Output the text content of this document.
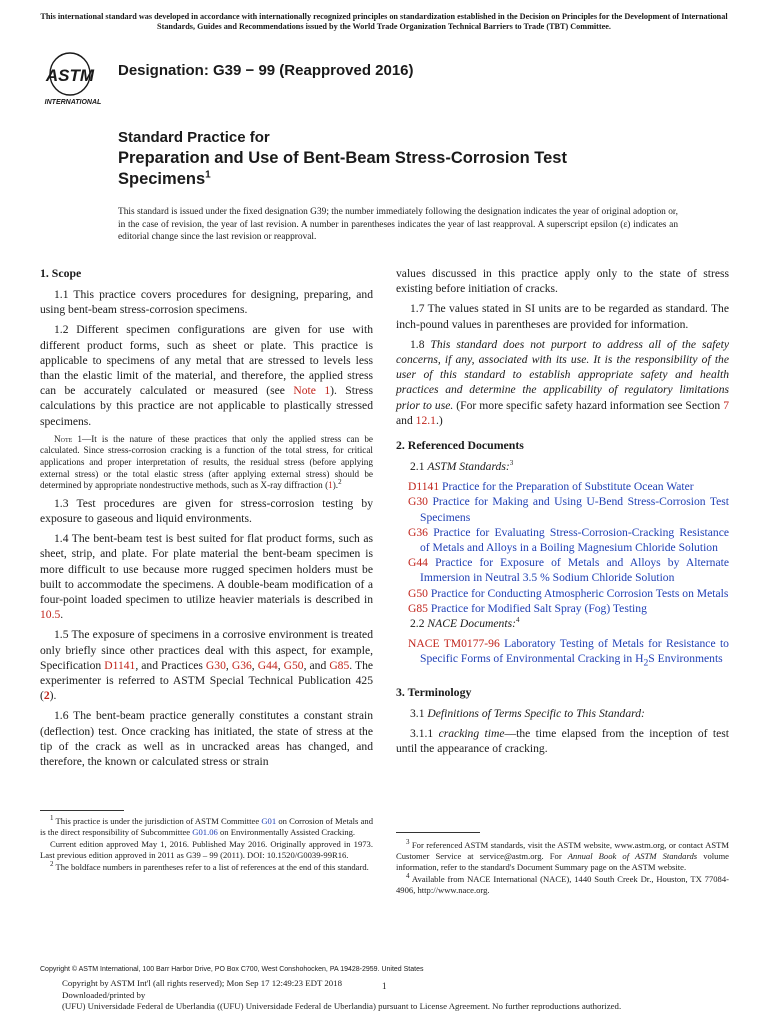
This international standard was developed in accordance with internationally recognized principles on standardization established in the Decision on Principles for the Development of International Standards, Guides and Recommendations issued by the World Trade Organization Technical Barriers to Trade (TBT) Committee.
ASTM
INTERNATIONAL
Designation: G39 − 99 (Reapproved 2016)
Standard Practice for
Preparation and Use of Bent-Beam Stress-Corrosion Test
Specimens$^1$
This standard is issued under the fixed designation G39; the number immediately following the designation indicates the year of original adoption or, in the case of revision, the year of last revision. A number in parentheses indicates the year of last reapproval. A superscript epsilon (ε) indicates an editorial change since the last revision or reapproval.
1. Scope

1.1 This practice covers procedures for designing, preparing, and using bent-beam stress-corrosion specimens.

1.2 Different specimen configurations are given for use with different product forms, such as sheet or plate. This practice is applicable to specimens of any metal that are stressed to levels less than the elastic limit of the material, and therefore, the applied stress can be accurately calculated or measured (see Note 1). Stress calculations by this practice are not applicable to plastically stressed specimens.

Note 1—It is the nature of these practices that only the applied stress can be calculated. Since stress-corrosion cracking is a function of the total stress, for critical applications and proper interpretation of results, the residual stress (before applying external stress) or the total elastic stress (after applying external stress) should be determined by appropriate nondestructive methods, such as X-ray diffraction (1).$^2$

1.3 Test procedures are given for stress-corrosion testing by exposure to gaseous and liquid environments.

1.4 The bent-beam test is best suited for flat product forms, such as sheet, strip, and plate. For plate material the bent-beam specimen is more difficult to use because more rugged specimen holders must be built to accommodate the specimens. A double-beam modification of a four-point loaded specimen to utilize heavier materials is described in 10.5.

1.5 The exposure of specimens in a corrosive environment is treated only briefly since other practices deal with this aspect, for example, Specification D1141, and Practices G30, G36, G44, G50, and G85. The experimenter is referred to ASTM Special Technical Publication 425 (2).

1.6 The bent-beam practice generally constitutes a constant strain (deflection) test. Once cracking has initiated, the state of stress at the tip of the crack as well as in uncracked areas has changed, and therefore, the known or calculated stress or strain

values discussed in this practice apply only to the state of stress existing before initiation of cracks.

1.7 The values stated in SI units are to be regarded as standard. The inch-pound values in parentheses are provided for information.

1.8 This standard does not purport to address all of the safety concerns, if any, associated with its use. It is the responsibility of the user of this standard to establish appropriate safety and health practices and determine the applicability of regulatory limitations prior to use. (For more specific safety hazard information see Section 7 and 12.1.)

2. Referenced Documents

2.1 ASTM Standards:$^3$

D1141 Practice for the Preparation of Substitute Ocean Water
G30 Practice for Making and Using U-Bend Stress-Corrosion Test Specimens
G36 Practice for Evaluating Stress-Corrosion-Cracking Resistance of Metals and Alloys in a Boiling Magnesium Chloride Solution
G44 Practice for Exposure of Metals and Alloys by Alternate Immersion in Neutral 3.5 % Sodium Chloride Solution
G50 Practice for Conducting Atmospheric Corrosion Tests on Metals
G85 Practice for Modified Salt Spray (Fog) Testing

2.2 NACE Documents:$^4$

NACE TM0177-96 Laboratory Testing of Metals for Resistance to Specific Forms of Environmental Cracking in $H_2S$ Environments
3. Terminology

3.1 Definitions of Terms Specific to This Standard:

3.1.1 cracking time—the time elapsed from the inception of test until the appearance of cracking.

$^1$ This practice is under the jurisdiction of ASTM Committee G01 on Corrosion of Metals and is the direct responsibility of Subcommittee G01.06 on Environmentally Assisted Cracking.

Current edition approved May 1, 2016. Published May 2016. Originally approved in 1973. Last previous edition approved in 2011 as G39 – 99 (2011). DOI: 10.1520/G0039-99R16.

$^2$ The boldface numbers in parentheses refer to a list of references at the end of this standard.

$^3$ For referenced ASTM standards, visit the ASTM website, www.astm.org, or contact ASTM Customer Service at service@astm.org. For Annual Book of ASTM Standards volume information, refer to the standard's Document Summary page on the ASTM website.

$^4$ Available from NACE International (NACE), 1440 South Creek Dr., Houston, TX 77084-4906, http://www.nace.org.

Copyright © ASTM International, 100 Barr Harbor Drive, PO Box C700, West Conshohocken, PA 19428-2959. United States
Copyright by ASTM Int'l (all rights reserved); Mon Sep 17 12:49:23 EDT 2018
Downloaded/printed by
(UFU) Universidade Federal de Uberlandia ((UFU) Universidade Federal de Uberlandia) pursuant to License Agreement. No further reproductions authorized.
1
